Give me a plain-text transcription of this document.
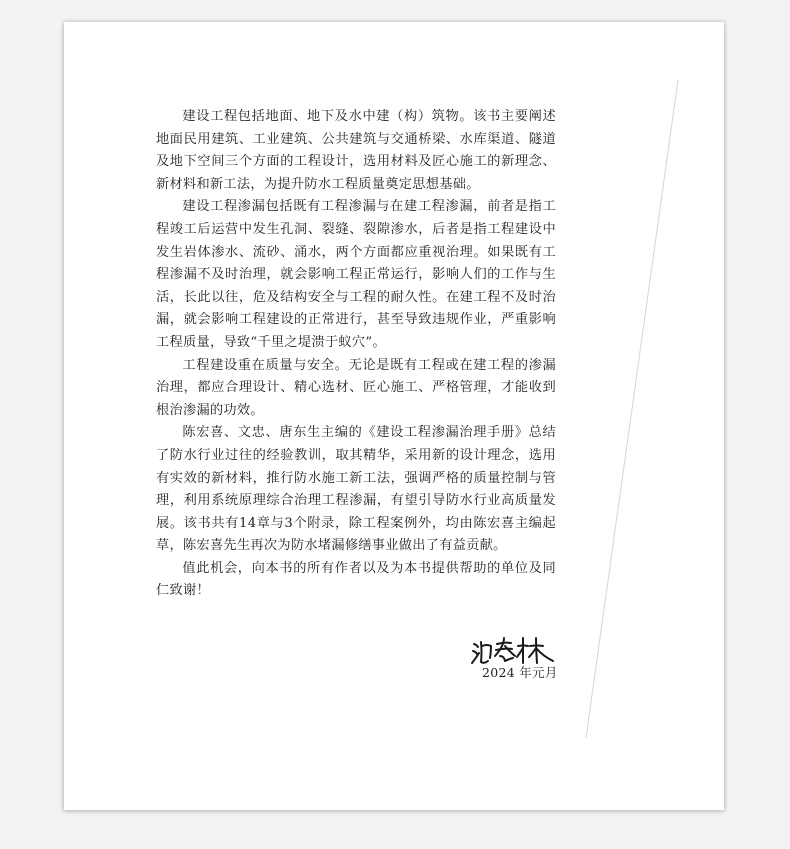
建设工程包括地面、地下及水中建（构）筑物。该书主要阐述地面民用建筑、工业建筑、公共建筑与交通桥梁、水库渠道、隧道及地下空间三个方面的工程设计，选用材料及匠心施工的新理念、新材料和新工法，为提升防水工程质量奠定思想基础。

建设工程渗漏包括既有工程渗漏与在建工程渗漏，前者是指工程竣工后运营中发生孔洞、裂缝、裂隙渗水，后者是指工程建设中发生岩体渗水、流砂、涌水，两个方面都应重视治理。如果既有工程渗漏不及时治理，就会影响工程正常运行，影响人们的工作与生活，长此以往，危及结构安全与工程的耐久性。在建工程不及时治漏，就会影响工程建设的正常进行，甚至导致违规作业，严重影响工程质量，导致“千里之堤溃于蚁穴”。

工程建设重在质量与安全。无论是既有工程或在建工程的渗漏治理，都应合理设计、精心选材、匠心施工、严格管理，才能收到根治渗漏的功效。

陈宏喜、文忠、唐东生主编的《建设工程渗漏治理手册》总结了防水行业过往的经验教训，取其精华，采用新的设计理念，选用有实效的新材料，推行防水施工新工法，强调严格的质量控制与管理，利用系统原理综合治理工程渗漏，有望引导防水行业高质量发展。该书共有14章与3个附录，除工程案例外，均由陈宏喜主编起草，陈宏喜先生再次为防水堵漏修缮事业做出了有益贡献。

值此机会，向本书的所有作者以及为本书提供帮助的单位及同仁致谢！

2024 年元月
